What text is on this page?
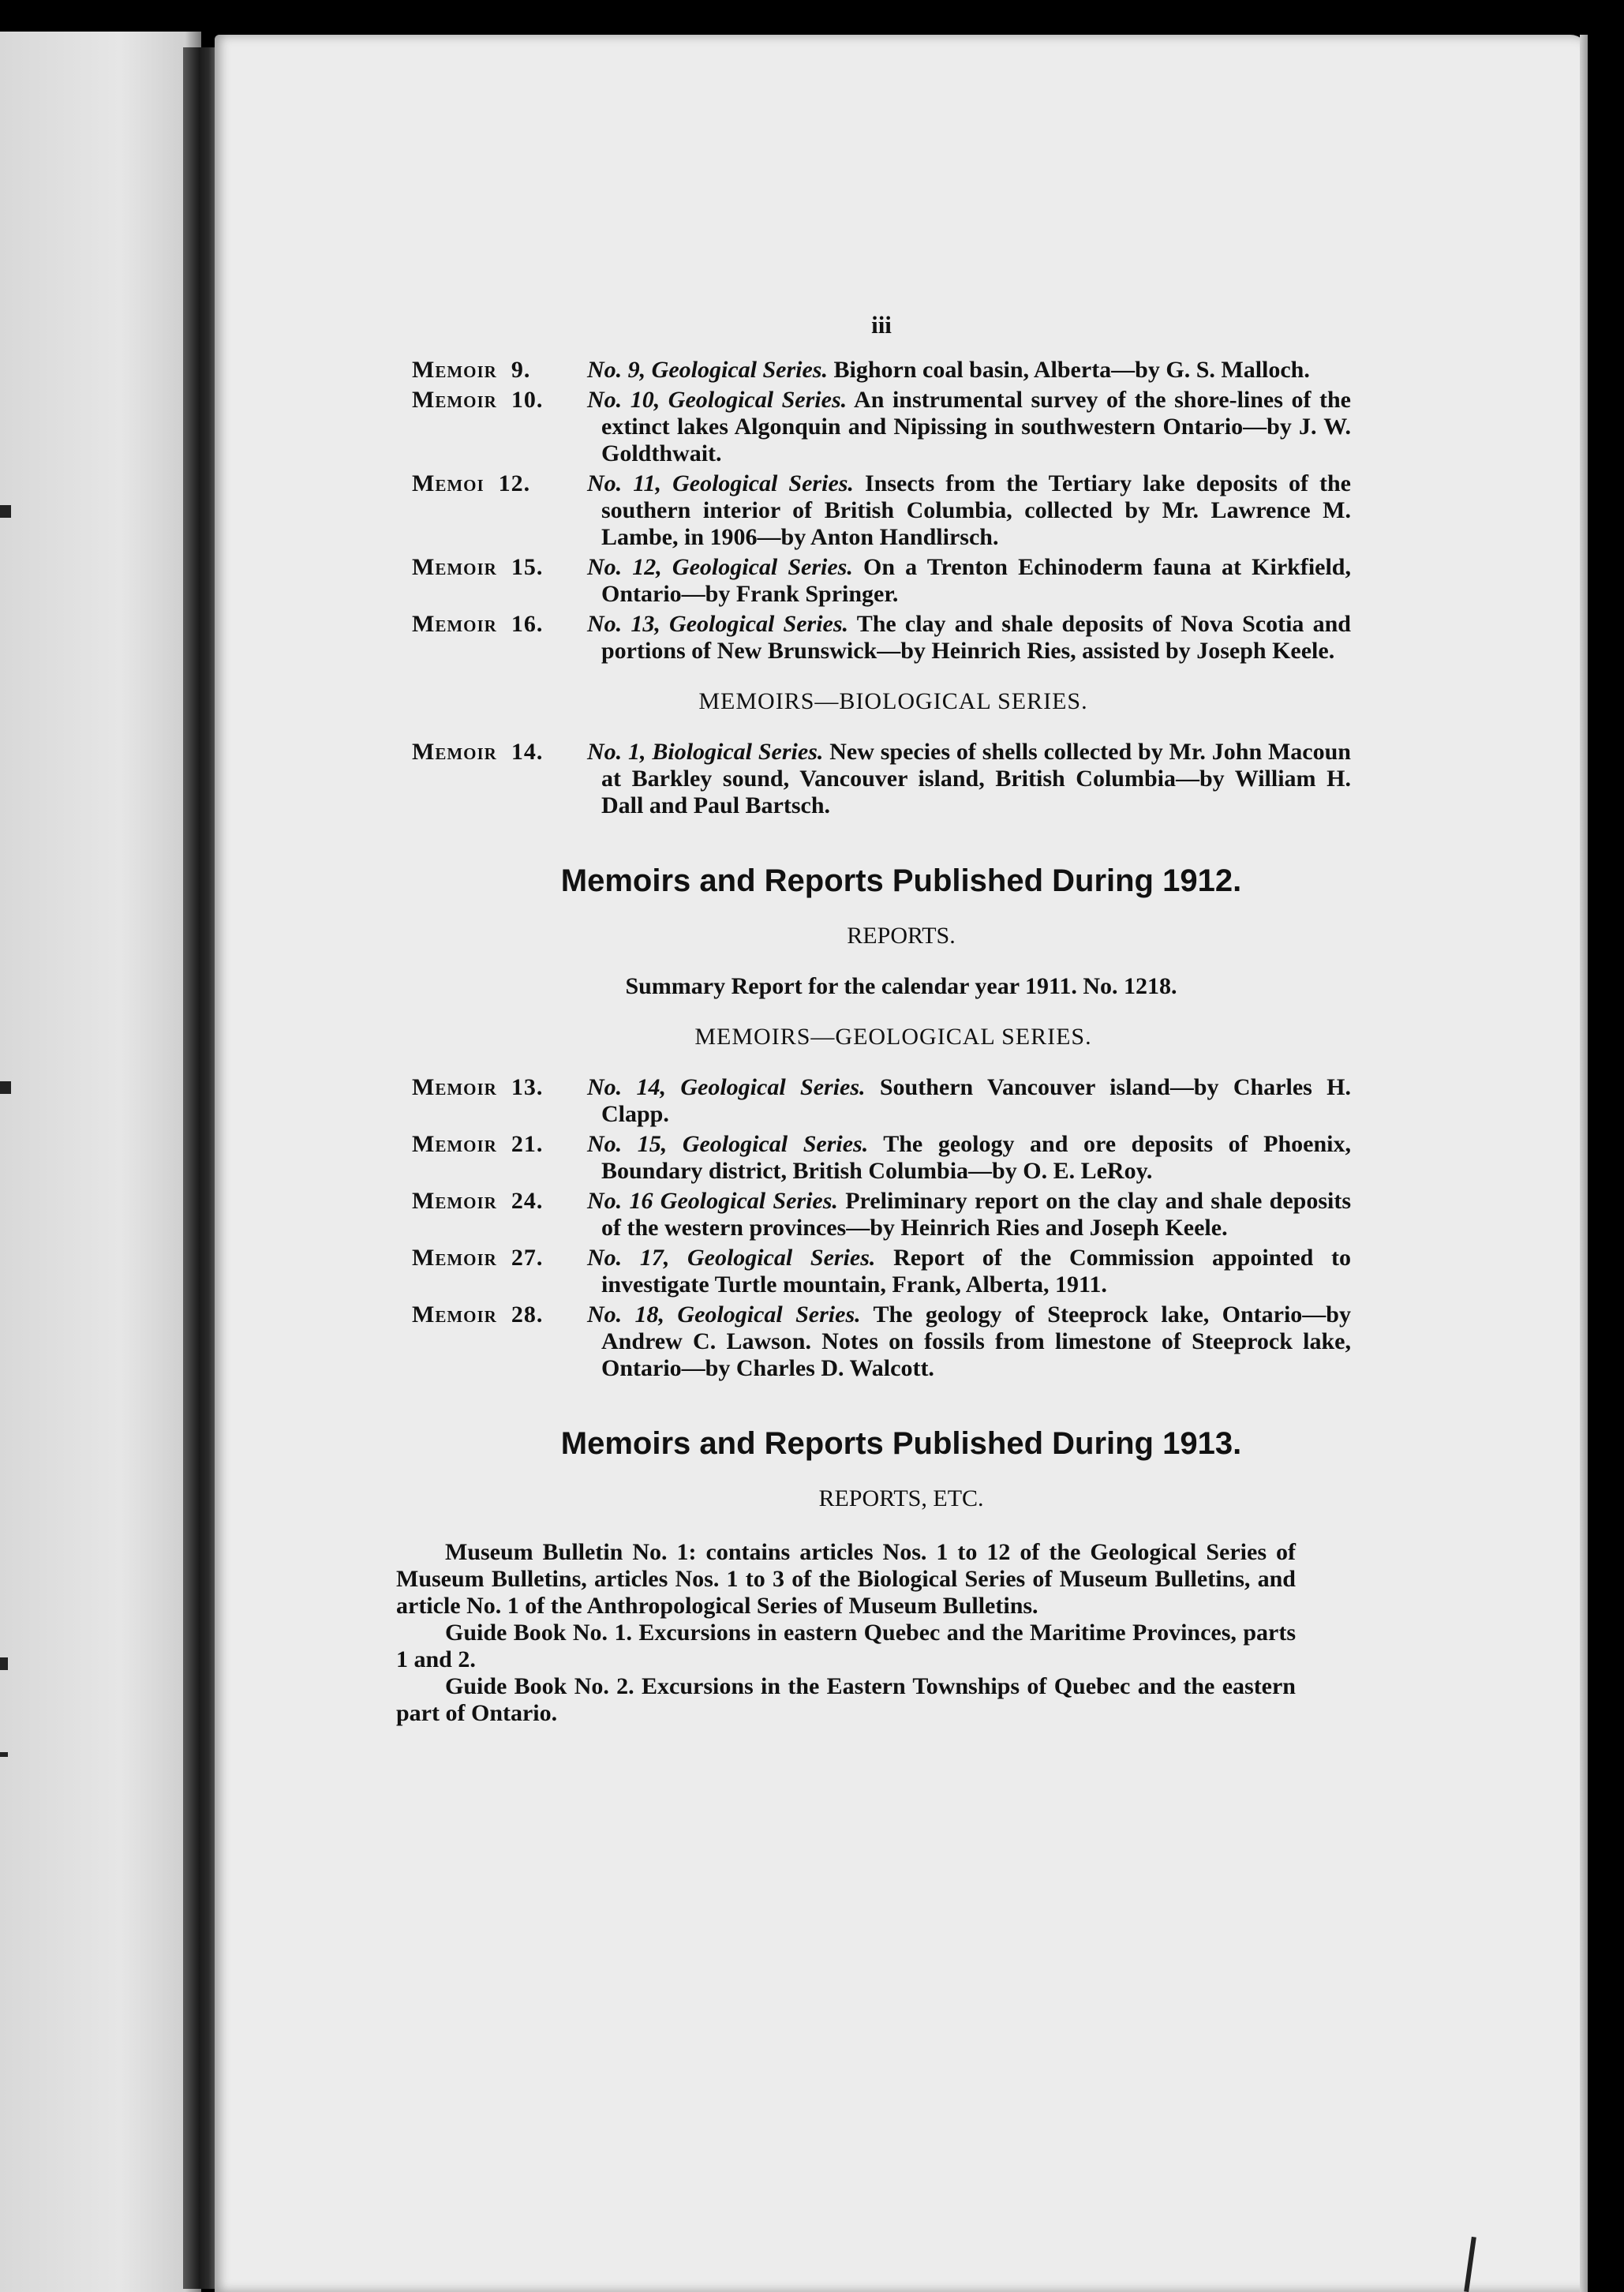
iii
Memoir 9.	No. 9, Geological Series. Bighorn coal basin, Alberta—by G. S. Malloch.
Memoir 10.	No. 10, Geological Series. An instrumental survey of the shore-lines of the extinct lakes Algonquin and Nipissing in southwestern Ontario—by J. W. Goldthwait.
Memoi 12.	No. 11, Geological Series. Insects from the Tertiary lake deposits of the southern interior of British Columbia, collected by Mr. Lawrence M. Lambe, in 1906—by Anton Handlirsch.
Memoir 15.	No. 12, Geological Series. On a Trenton Echinoderm fauna at Kirkfield, Ontario—by Frank Springer.
Memoir 16.	No. 13, Geological Series. The clay and shale deposits of Nova Scotia and portions of New Brunswick—by Heinrich Ries, assisted by Joseph Keele.
MEMOIRS—BIOLOGICAL SERIES.
Memoir 14.	No. 1, Biological Series. New species of shells collected by Mr. John Macoun at Barkley sound, Vancouver island, British Columbia—by William H. Dall and Paul Bartsch.
Memoirs and Reports Published During 1912.
REPORTS.
Summary Report for the calendar year 1911. No. 1218.
MEMOIRS—GEOLOGICAL SERIES.
Memoir 13.	No. 14, Geological Series. Southern Vancouver island—by Charles H. Clapp.
Memoir 21.	No. 15, Geological Series. The geology and ore deposits of Phoenix, Boundary district, British Columbia—by O. E. LeRoy.
Memoir 24.	No. 16 Geological Series. Preliminary report on the clay and shale deposits of the western provinces—by Heinrich Ries and Joseph Keele.
Memoir 27.	No. 17, Geological Series. Report of the Commission appointed to investigate Turtle mountain, Frank, Alberta, 1911.
Memoir 28.	No. 18, Geological Series. The geology of Steeprock lake, Ontario—by Andrew C. Lawson. Notes on fossils from limestone of Steeprock lake, Ontario—by Charles D. Walcott.
Memoirs and Reports Published During 1913.
REPORTS, ETC.
Museum Bulletin No. 1: contains articles Nos. 1 to 12 of the Geological Series of Museum Bulletins, articles Nos. 1 to 3 of the Biological Series of Museum Bulletins, and article No. 1 of the Anthropological Series of Museum Bulletins.
Guide Book No. 1. Excursions in eastern Quebec and the Maritime Provinces, parts 1 and 2.
Guide Book No. 2. Excursions in the Eastern Townships of Quebec and the eastern part of Ontario.
